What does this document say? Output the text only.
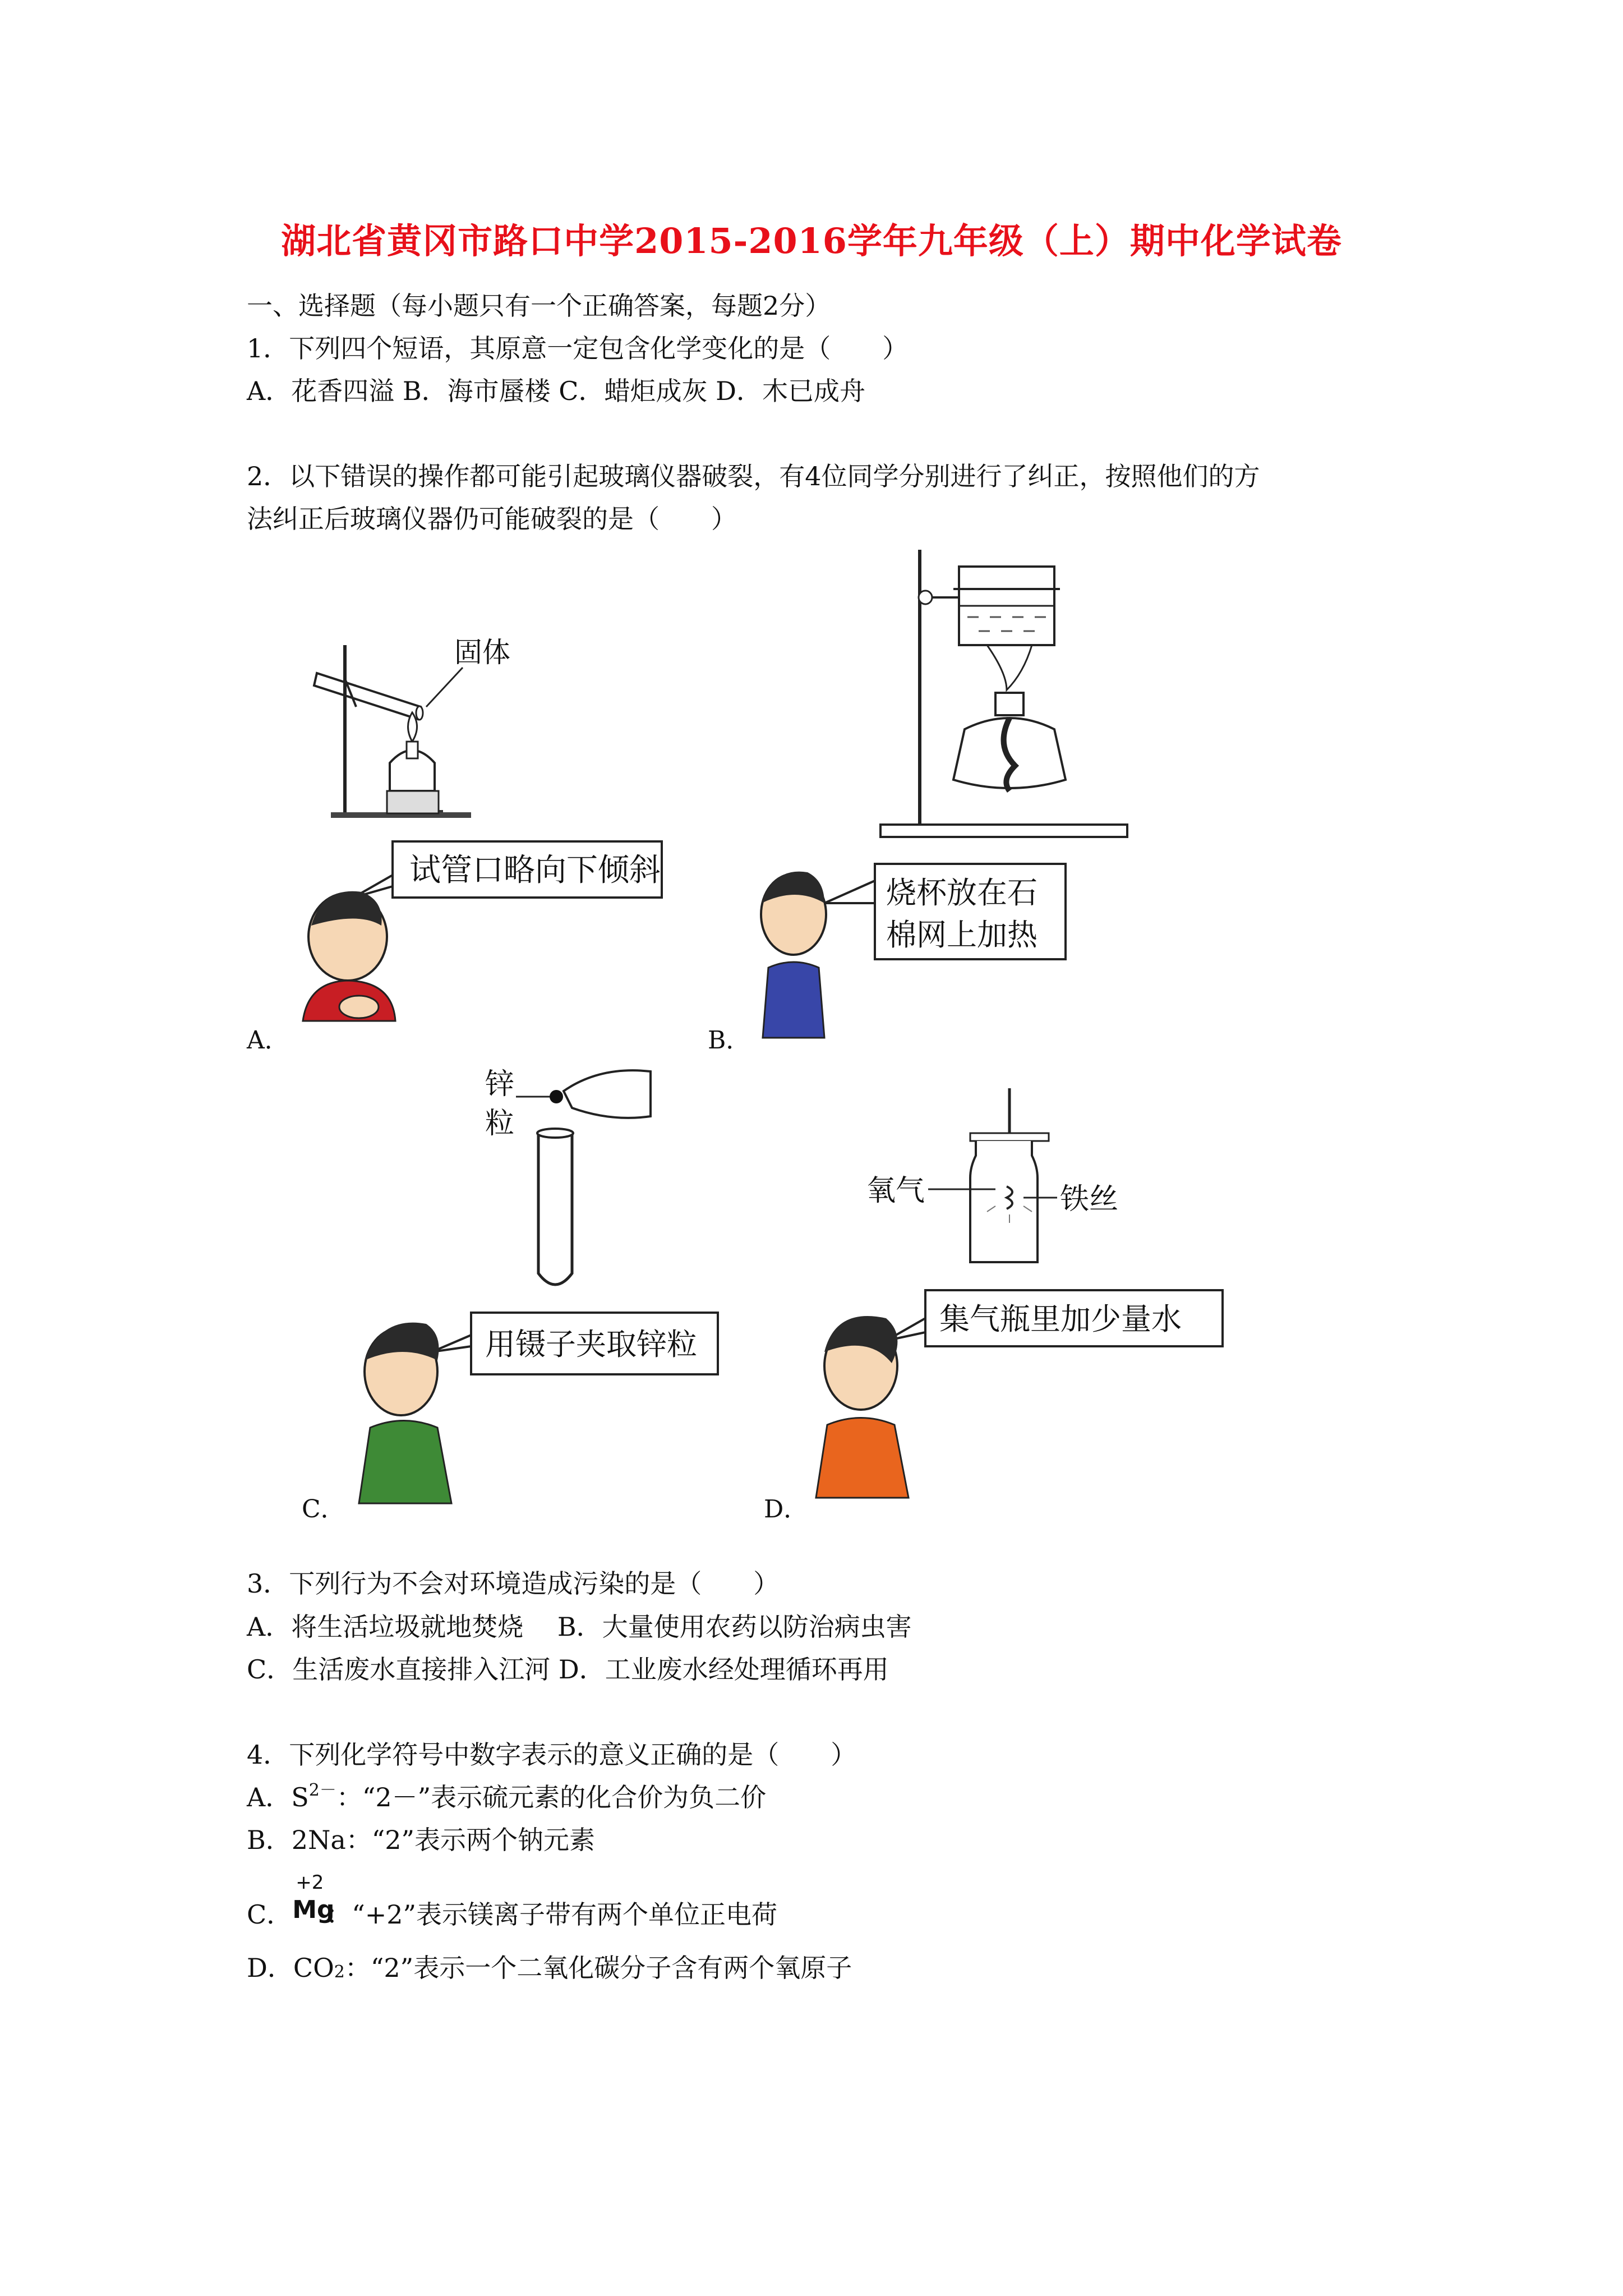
湖北省黄冈市路口中学2015-2016学年九年级（上）期中化学试卷
一、选择题（每小题只有一个正确答案，每题2分）
1．下列四个短语，其原意一定包含化学变化的是（　　）
A．花香四溢 B．海市蜃楼 C．蜡炬成灰 D．木已成舟
2．以下错误的操作都可能引起玻璃仪器破裂，有4位同学分别进行了纠正，按照他们的方
法纠正后玻璃仪器仍可能破裂的是（　　）
固体
试管口略向下倾斜
A．
烧杯放在石
棉网上加热
B．
锌
粒
用镊子夹取锌粒
C．
氧气	铁丝
集气瓶里加少量水
D．
3．下列行为不会对环境造成污染的是（　　）
A．将生活垃圾就地焚烧　 B．大量使用农药以防治病虫害
C．生活废水直接排入江河 D．工业废水经处理循环再用
4．下列化学符号中数字表示的意义正确的是（　　）
A．$S^{2-}$：“2－”表示硫元素的化合价为负二价
B．2Na：“2”表示两个钠元素
C．
+2
Mg
：“+2”表示镁离子带有两个单位正电荷
D．CO2：“2”表示一个二氧化碳分子含有两个氧原子
